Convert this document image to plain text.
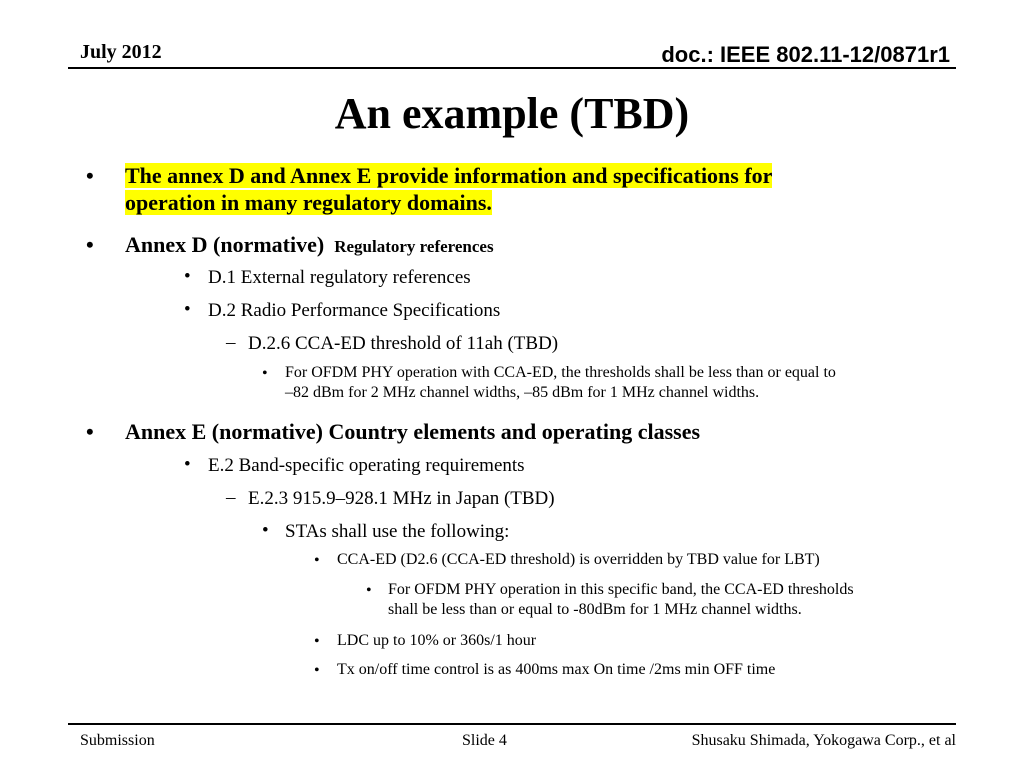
July 2012	doc.: IEEE 802.11-12/0871r1
An example (TBD)
• The annex D and Annex E provide information and specifications for
operation in many regulatory domains.
• Annex D (normative) Regulatory references
• D.1 External regulatory references
• D.2 Radio Performance Specifications
– D.2.6 CCA-ED threshold of 11ah (TBD)
• For OFDM PHY operation with CCA-ED, the thresholds shall be less than or equal to
–82 dBm for 2 MHz channel widths, –85 dBm for 1 MHz channel widths.
• Annex E (normative) Country elements and operating classes
• E.2 Band-specific operating requirements
– E.2.3 915.9–928.1 MHz in Japan (TBD)
• STAs shall use the following:
• CCA-ED (D2.6 (CCA-ED threshold) is overridden by TBD value for LBT)
• For OFDM PHY operation in this specific band, the CCA-ED thresholds
shall be less than or equal to -80dBm for 1 MHz channel widths.
• LDC up to 10% or 360s/1 hour
• Tx on/off time control is as 400ms max On time /2ms min OFF time
Submission	Slide 4	Shusaku Shimada, Yokogawa Corp., et al
